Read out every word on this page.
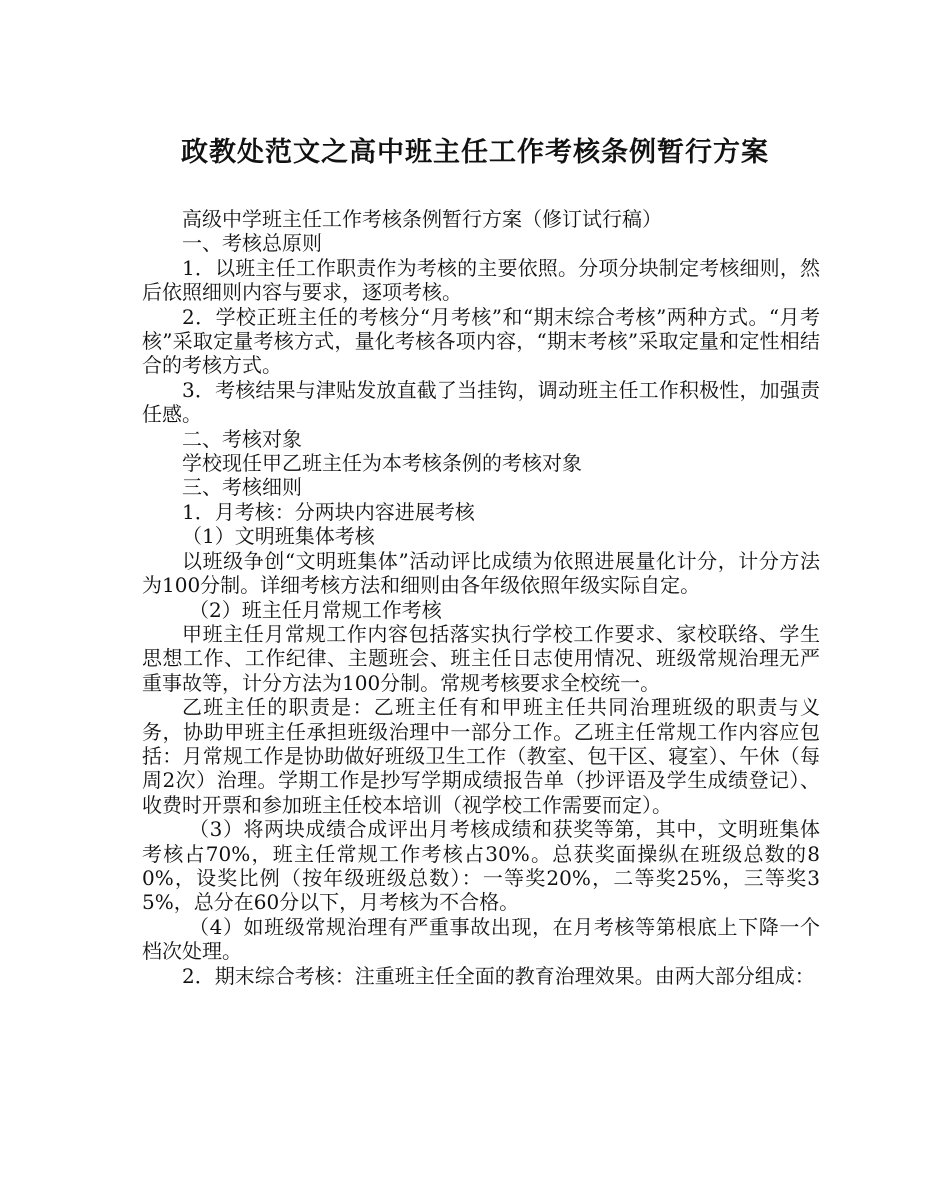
政教处范文之高中班主任工作考核条例暂行方案

高级中学班主任工作考核条例暂行方案（修订试行稿）

一、考核总原则

1．以班主任工作职责作为考核的主要依照。分项分块制定考核细则，然后依照细则内容与要求，逐项考核。

2．学校正班主任的考核分“月考核”和“期末综合考核”两种方式。“月考核”采取定量考核方式，量化考核各项内容，“期末考核”采取定量和定性相结合的考核方式。

3．考核结果与津贴发放直截了当挂钩，调动班主任工作积极性，加强责任感。

二、考核对象

学校现任甲乙班主任为本考核条例的考核对象

三、考核细则

1．月考核：分两块内容进展考核

（1）文明班集体考核

以班级争创“文明班集体”活动评比成绩为依照进展量化计分，计分方法为100分制。详细考核方法和细则由各年级依照年级实际自定。

（2）班主任月常规工作考核

甲班主任月常规工作内容包括落实执行学校工作要求、家校联络、学生思想工作、工作纪律、主题班会、班主任日志使用情况、班级常规治理无严重事故等，计分方法为100分制。常规考核要求全校统一。

乙班主任的职责是：乙班主任有和甲班主任共同治理班级的职责与义务，协助甲班主任承担班级治理中一部分工作。乙班主任常规工作内容应包括：月常规工作是协助做好班级卫生工作（教室、包干区、寝室）、午休（每周2次）治理。学期工作是抄写学期成绩报告单（抄评语及学生成绩登记）、收费时开票和参加班主任校本培训（视学校工作需要而定）。

（3）将两块成绩合成评出月考核成绩和获奖等第，其中，文明班集体考核占70%，班主任常规工作考核占30%。总获奖面操纵在班级总数的80%，设奖比例（按年级班级总数）：一等奖20%，二等奖25%，三等奖35%，总分在60分以下，月考核为不合格。

（4）如班级常规治理有严重事故出现，在月考核等第根底上下降一个档次处理。

2．期末综合考核：注重班主任全面的教育治理效果。由两大部分组成：
